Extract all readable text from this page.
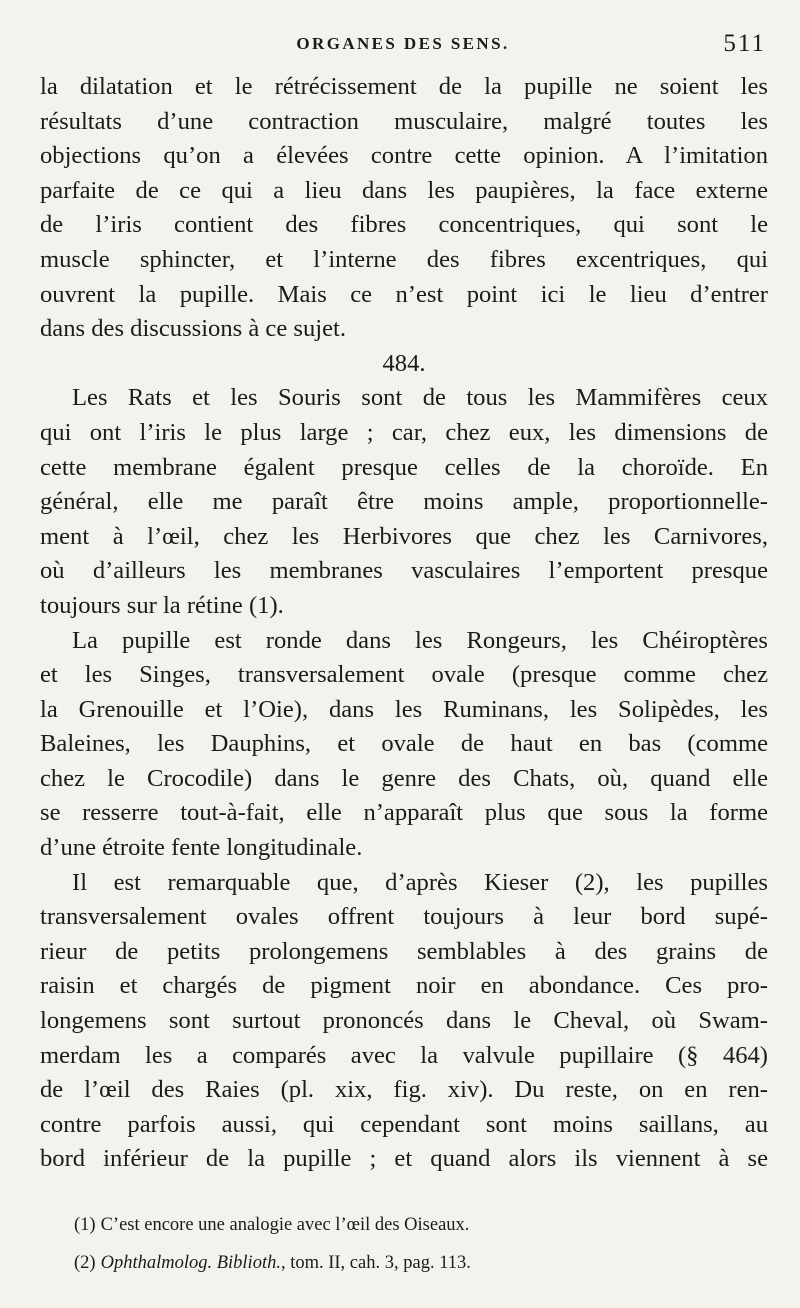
ORGANES DES SENS.	511
la dilatation et le rétrécissement de la pupille ne soient les
résultats d’une contraction musculaire, malgré toutes les
objections qu’on a élevées contre cette opinion. A l’imitation
parfaite de ce qui a lieu dans les paupières, la face externe
de l’iris contient des fibres concentriques, qui sont le
muscle sphincter, et l’interne des fibres excentriques, qui
ouvrent la pupille. Mais ce n’est point ici le lieu d’entrer
dans des discussions à ce sujet.
484.
Les Rats et les Souris sont de tous les Mammifères ceux
qui ont l’iris le plus large ; car, chez eux, les dimensions de
cette membrane égalent presque celles de la choroïde. En
général, elle me paraît être moins ample, proportionnelle-
ment à l’œil, chez les Herbivores que chez les Carnivores,
où d’ailleurs les membranes vasculaires l’emportent presque
toujours sur la rétine (1).
La pupille est ronde dans les Rongeurs, les Chéiroptères
et les Singes, transversalement ovale (presque comme chez
la Grenouille et l’Oie), dans les Ruminans, les Solipèdes, les
Baleines, les Dauphins, et ovale de haut en bas (comme
chez le Crocodile) dans le genre des Chats, où, quand elle
se resserre tout-à-fait, elle n’apparaît plus que sous la forme
d’une étroite fente longitudinale.
Il est remarquable que, d’après Kieser (2), les pupilles
transversalement ovales offrent toujours à leur bord supé-
rieur de petits prolongemens semblables à des grains de
raisin et chargés de pigment noir en abondance. Ces pro-
longemens sont surtout prononcés dans le Cheval, où Swam-
merdam les a comparés avec la valvule pupillaire (§ 464)
de l’œil des Raies (pl. xix, fig. xiv). Du reste, on en ren-
contre parfois aussi, qui cependant sont moins saillans, au
bord inférieur de la pupille ; et quand alors ils viennent à se
(1) C’est encore une analogie avec l’œil des Oiseaux.
(2) Ophthalmolog. Biblioth., tom. II, cah. 3, pag. 113.
